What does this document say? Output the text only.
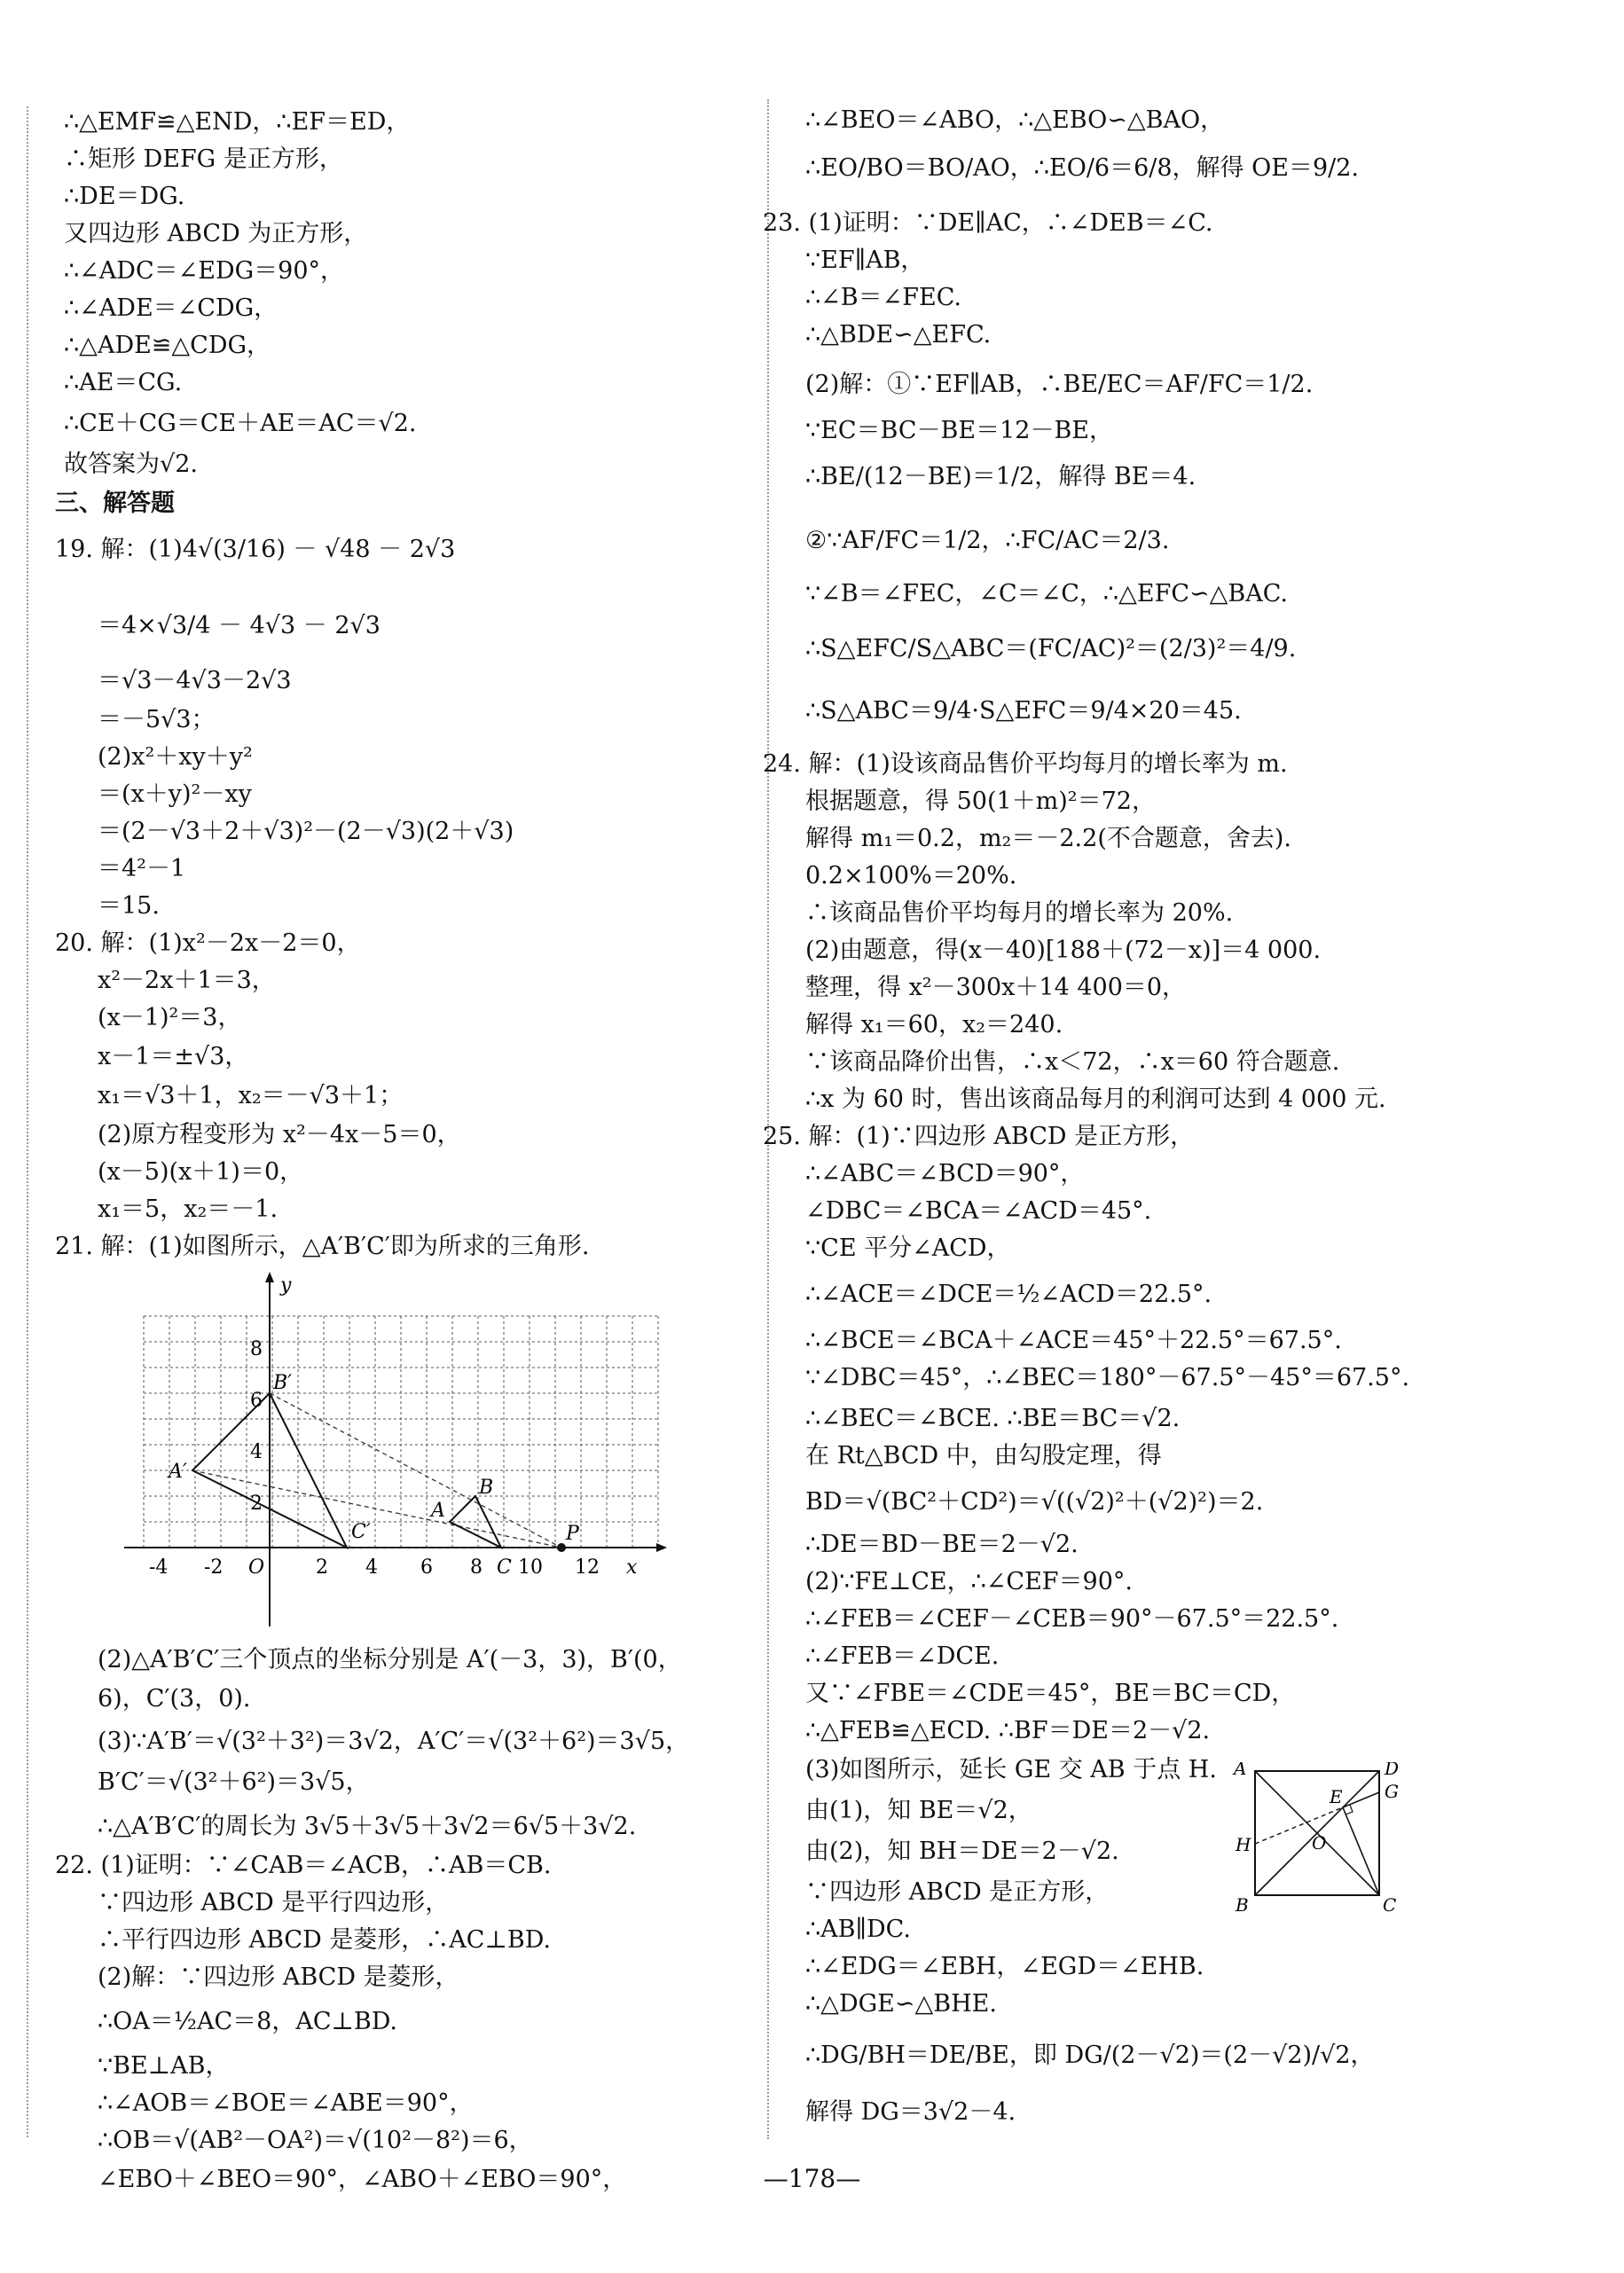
∴△EMF≌△END，∴EF＝ED，
∴矩形 DEFG 是正方形，
∴DE＝DG.
又四边形 ABCD 为正方形，
∴∠ADC＝∠EDG＝90°，
∴∠ADE＝∠CDG，
∴△ADE≌△CDG，
∴AE＝CG.
∴CE＋CG＝CE＋AE＝AC＝√2.
故答案为√2.
三、解答题
19. 解：(1)4√(3/16) － √48 － 2√3
＝4×√3/4 － 4√3 － 2√3
＝√3－4√3－2√3
＝－5√3；
(2)x²＋xy＋y²
＝(x＋y)²－xy
＝(2－√3＋2＋√3)²－(2－√3)(2＋√3)
＝4²－1
＝15.
20. 解：(1)x²－2x－2＝0，
x²－2x＋1＝3，
(x－1)²＝3，
x－1＝±√3，
x₁＝√3＋1，x₂＝－√3＋1；
(2)原方程变形为 x²－4x－5＝0，
(x－5)(x＋1)＝0，
x₁＝5，x₂＝－1.
21. 解：(1)如图所示，△A′B′C′即为所求的三角形.
x
y
O
-4 -2	2 4 6 8 10 12
2
4
6
8
A′
B′
C′
A
B
C
P
(2)△A′B′C′三个顶点的坐标分别是 A′(－3，3)，B′(0，
6)，C′(3，0).
(3)∵A′B′＝√(3²＋3²)＝3√2，A′C′＝√(3²＋6²)＝3√5，
B′C′＝√(3²＋6²)＝3√5，
∴△A′B′C′的周长为 3√5＋3√5＋3√2＝6√5＋3√2.
22. (1)证明：∵∠CAB＝∠ACB，∴AB＝CB.
∵四边形 ABCD 是平行四边形，
∴平行四边形 ABCD 是菱形，∴AC⊥BD.
(2)解：∵四边形 ABCD 是菱形，
∴OA＝½AC＝8，AC⊥BD.
∵BE⊥AB，
∴∠AOB＝∠BOE＝∠ABE＝90°，
∴OB＝√(AB²－OA²)＝√(10²－8²)＝6，
∠EBO＋∠BEO＝90°，∠ABO＋∠EBO＝90°，
∴∠BEO＝∠ABO，∴△EBO∽△BAO，
∴EO/BO＝BO/AO，∴EO/6＝6/8，解得 OE＝9/2.
23. (1)证明：∵DE∥AC，∴∠DEB＝∠C.
∵EF∥AB，
∴∠B＝∠FEC.
∴△BDE∽△EFC.
(2)解：①∵EF∥AB，∴BE/EC＝AF/FC＝1/2.
∵EC＝BC－BE＝12－BE，
∴BE/(12－BE)＝1/2，解得 BE＝4.
②∵AF/FC＝1/2，∴FC/AC＝2/3.
∵∠B＝∠FEC，∠C＝∠C，∴△EFC∽△BAC.
∴S△EFC/S△ABC＝(FC/AC)²＝(2/3)²＝4/9.
∴S△ABC＝9/4·S△EFC＝9/4×20＝45.
24. 解：(1)设该商品售价平均每月的增长率为 m.
根据题意，得 50(1＋m)²＝72，
解得 m₁＝0.2，m₂＝－2.2(不合题意，舍去).
0.2×100%＝20%.
∴该商品售价平均每月的增长率为 20%.
(2)由题意，得(x－40)[188＋(72－x)]＝4 000.
整理，得 x²－300x＋14 400＝0，
解得 x₁＝60，x₂＝240.
∵该商品降价出售，∴x＜72，∴x＝60 符合题意.
∴x 为 60 时，售出该商品每月的利润可达到 4 000 元.
25. 解：(1)∵四边形 ABCD 是正方形，
∴∠ABC＝∠BCD＝90°，
∠DBC＝∠BCA＝∠ACD＝45°.
∵CE 平分∠ACD，
∴∠ACE＝∠DCE＝½∠ACD＝22.5°.
∴∠BCE＝∠BCA＋∠ACE＝45°＋22.5°＝67.5°.
∵∠DBC＝45°，∴∠BEC＝180°－67.5°－45°＝67.5°.
∴∠BEC＝∠BCE. ∴BE＝BC＝√2.
在 Rt△BCD 中，由勾股定理，得
BD＝√(BC²＋CD²)＝√((√2)²＋(√2)²)＝2.
∴DE＝BD－BE＝2－√2.
(2)∵FE⊥CE，∴∠CEF＝90°.
∴∠FEB＝∠CEF－∠CEB＝90°－67.5°＝22.5°.
∴∠FEB＝∠DCE.
又∵∠FBE＝∠CDE＝45°，BE＝BC＝CD，
∴△FEB≌△ECD. ∴BF＝DE＝2－√2.
(3)如图所示，延长 GE 交 AB 于点 H.
由(1)，知 BE＝√2，
由(2)，知 BH＝DE＝2－√2.
∵四边形 ABCD 是正方形，
∴AB∥DC.
∴∠EDG＝∠EBH，∠EGD＝∠EHB.
∴△DGE∽△BHE.
∴DG/BH＝DE/BE，即 DG/(2－√2)＝(2－√2)/√2，
解得 DG＝3√2－4.
A	D
G
E
H	O
B	C
—178—
